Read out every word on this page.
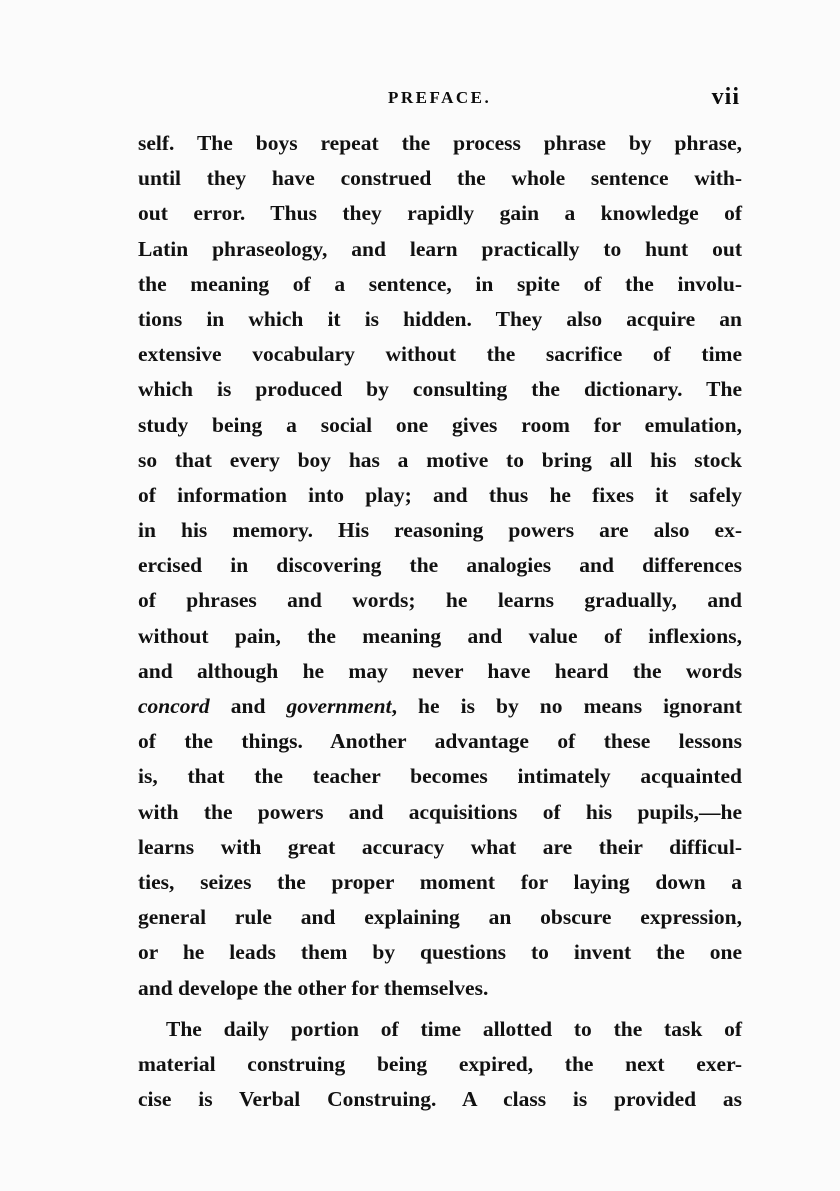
PREFACE.	vii
self. The boys repeat the process phrase by phrase,
until they have construed the whole sentence with-
out error. Thus they rapidly gain a knowledge of
Latin phraseology, and learn practically to hunt out
the meaning of a sentence, in spite of the involu-
tions in which it is hidden. They also acquire an
extensive vocabulary without the sacrifice of time
which is produced by consulting the dictionary. The
study being a social one gives room for emulation,
so that every boy has a motive to bring all his stock
of information into play; and thus he fixes it safely
in his memory. His reasoning powers are also ex-
ercised in discovering the analogies and differences
of phrases and words; he learns gradually, and
without pain, the meaning and value of inflexions,
and although he may never have heard the words
concord and government, he is by no means ignorant
of the things. Another advantage of these lessons
is, that the teacher becomes intimately acquainted
with the powers and acquisitions of his pupils,—he
learns with great accuracy what are their difficul-
ties, seizes the proper moment for laying down a
general rule and explaining an obscure expression,
or he leads them by questions to invent the one
and develope the other for themselves.
The daily portion of time allotted to the task of
material construing being expired, the next exer-
cise is Verbal Construing. A class is provided as
